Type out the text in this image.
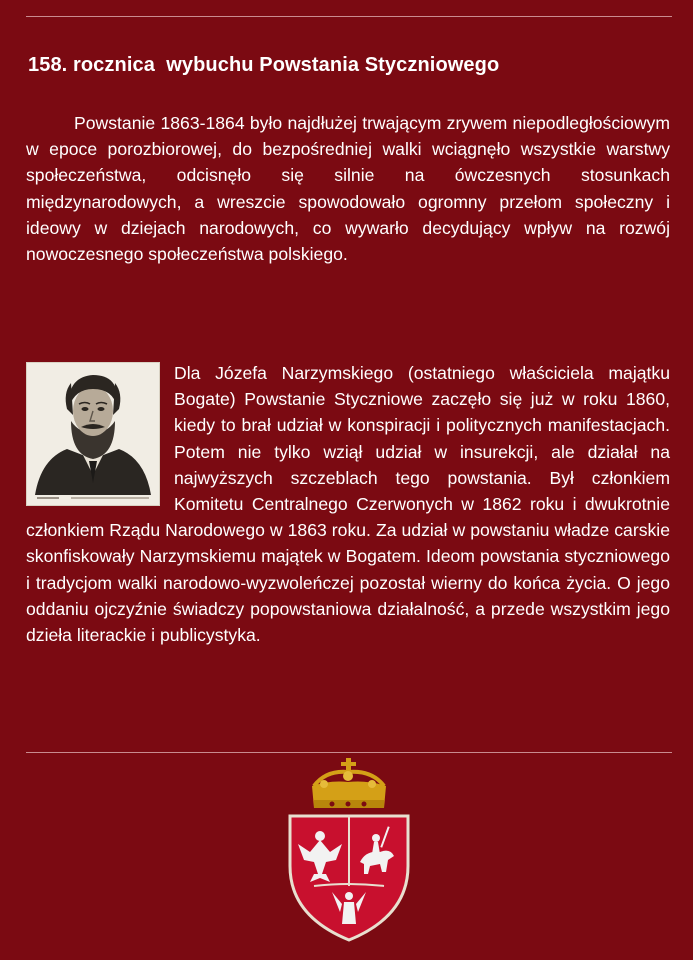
158. rocznica  wybuchu Powstania Styczniowego
Powstanie 1863-1864 było najdłużej trwającym zrywem niepodległościowym w epoce porozbiorowej, do bezpośredniej walki wciągnęło wszystkie warstwy społeczeństwa, odcisnęło się silnie na ówczesnych stosunkach międzynarodowych, a wreszcie spowodowało ogromny przełom społeczny i ideowy w dziejach narodowych, co wywarło decydujący wpływ na rozwój nowoczesnego społeczeństwa polskiego.
Dla Józefa Narzymskiego (ostatniego właściciela majątku Bogate) Powstanie Styczniowe zaczęło się już w roku 1860, kiedy to brał udział w konspiracji i politycznych manifestacjach. Potem nie tylko wziął udział w insurekcji, ale działał na najwyższych szczeblach tego powstania. Był członkiem Komitetu Centralnego Czerwonych w 1862 roku i dwukrotnie członkiem Rządu Narodowego w 1863 roku. Za udział w powstaniu władze carskie skonfiskowały Narzymskiemu majątek w Bogatem. Ideom powstania styczniowego i tradycjom walki narodowo-wyzwoleńczej pozostał wierny do końca życia. O jego oddaniu ojczyźnie świadczy popowstaniowa działalność, a przede wszystkim jego dzieła literackie i publicystyka.
